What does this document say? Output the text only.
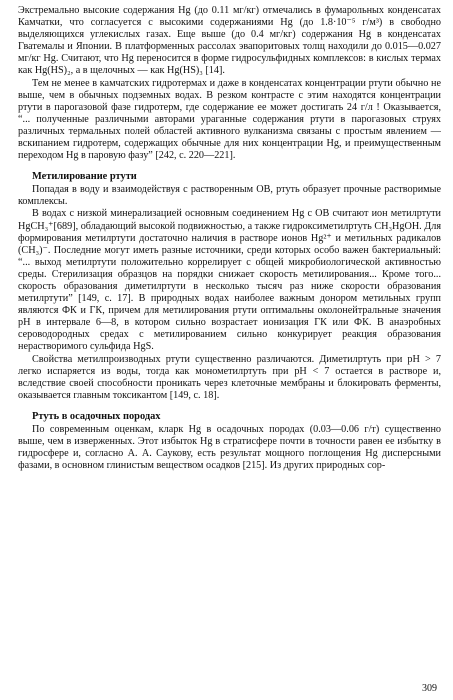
Экстремально высокие содержания Hg (до 0.11 мг/кг) отмечались в фумарольных конденсатах Камчатки, что согласуется с высокими содержаниями Hg (до 1.8·10⁻⁵ г/м³) в свободно выделяющихся углекислых газах. Еще выше (до 0.4 мг/кг) содержания Hg в конденсатах Гватемалы и Японии. В платформенных рассолах эвапоритовых толщ находили до 0.015—0.027 мг/кг Hg. Считают, что Hg переносится в форме гидросульфидных комплексов: в кислых термах как Hg(HS)₂, а в щелочных — как Hg(HS)₃ [14].

Тем не менее в камчатских гидротермах и даже в конденсатах концентрации ртути обычно не выше, чем в обычных подземных водах. В резком контрасте с этим находятся концентрации ртути в парогазовой фазе гидротерм, где содержание ее может достигать 24 г/л ! Оказывается, “... полученные различными авторами ураганные содержания ртути в парогазовых струях различных термальных полей областей активного вулканизма связаны с простым явлением — вскипанием гидротерм, содержащих обычные для них концентрации Hg, и преимущественным переходом Hg в паровую фазу” [242, с. 220—221].

Метилирование ртути

Попадая в воду и взаимодействуя с растворенным ОВ, ртуть образует прочные растворимые комплексы.

В водах с низкой минерализацией основным соединением Hg с ОВ считают ион метилртути HgCH₃⁺[689], обладающий высокой подвижностью, а также гидроксиметилртуть CH₃HgOH. Для формирования метилртути достаточно наличия в растворе ионов Hg²⁺ и метильных радикалов (CH₃)⁻. Последние могут иметь разные источники, среди которых особо важен бактериальный: “... выход метилртути положительно коррелирует с общей микробиологической активностью среды. Стерилизация образцов на порядки снижает скорость метилирования... Кроме того... скорость образования диметилртути в несколько тысяч раз ниже скорости образования метилртути” [149, с. 17]. В природных водах наиболее важным донором метильных групп являются ФК и ГК, причем для метилирования ртути оптимальны околонейтральные значения pH в интервале 6—8, в котором сильно возрастает ионизация ГК или ФК. В анаэробных сероводородных средах с метилированием сильно конкурирует реакция образования нерастворимого сульфида HgS.

Свойства метилпроизводных ртути существенно различаются. Диметилртуть при pH > 7 легко испаряется из воды, тогда как монометилртуть при pH < 7 остается в растворе и, вследствие своей способности проникать через клеточные мембраны и блокировать ферменты, оказывается главным токсикантом [149, с. 18].

Ртуть в осадочных породах

По современным оценкам, кларк Hg в осадочных породах (0.03—0.06 г/т) существенно выше, чем в изверженных. Этот избыток Hg в стратисфере почти в точности равен ее избытку в гидросфере и, согласно А. А. Сaукову, есть результат мощного поглощения Hg дисперсными фазами, в основном глинистым веществом осадков [215]. Из других природных сор-

309
